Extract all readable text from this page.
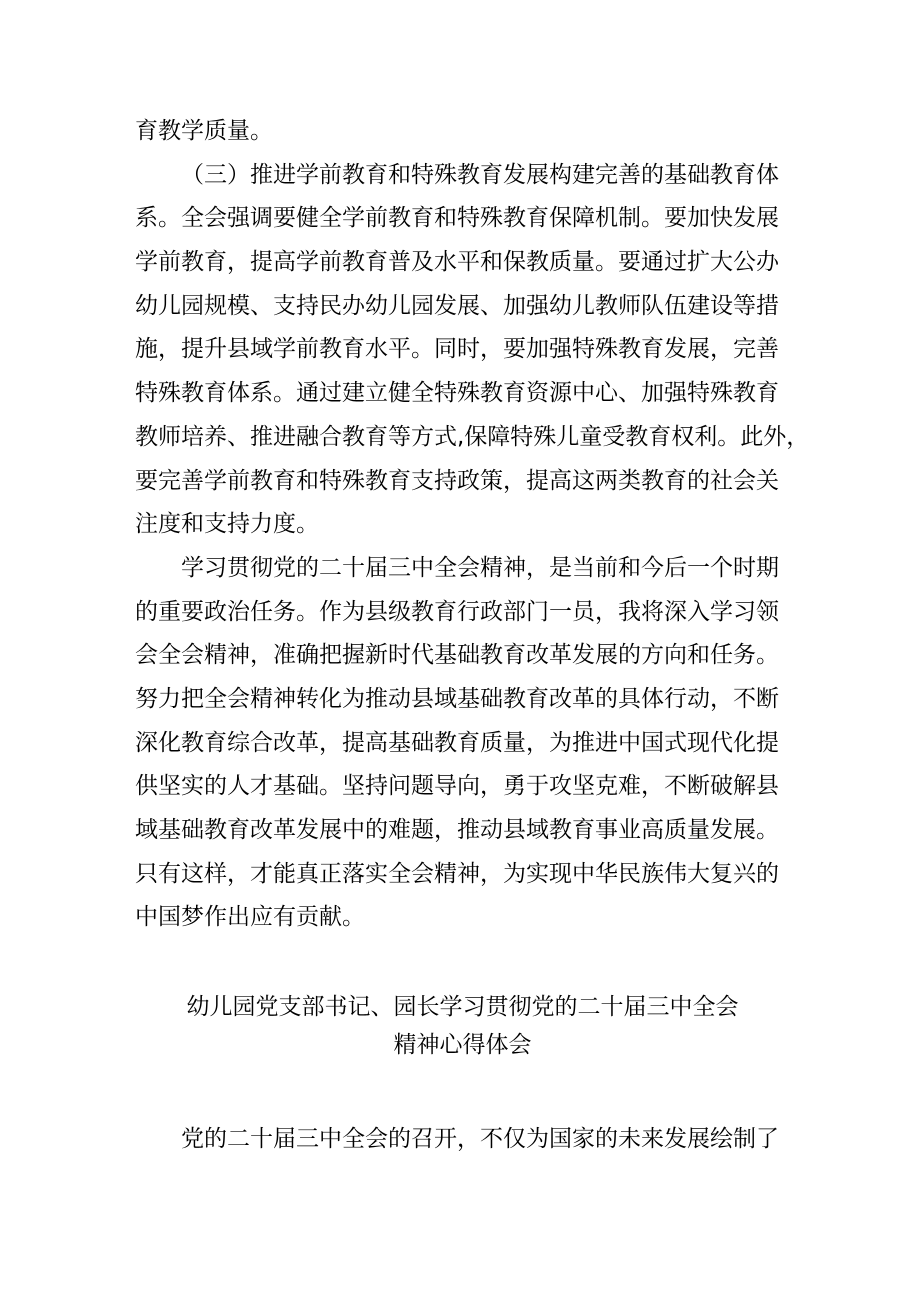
育教学质量。
（三）推进学前教育和特殊教育发展构建完善的基础教育体
系。全会强调要健全学前教育和特殊教育保障机制。要加快发展
学前教育，提高学前教育普及水平和保教质量。要通过扩大公办
幼儿园规模、支持民办幼儿园发展、加强幼儿教师队伍建设等措
施，提升县域学前教育水平。同时，要加强特殊教育发展，完善
特殊教育体系。通过建立健全特殊教育资源中心、加强特殊教育
教师培养、推进融合教育等方式,保障特殊儿童受教育权利。此外，
要完善学前教育和特殊教育支持政策，提高这两类教育的社会关
注度和支持力度。
学习贯彻党的二十届三中全会精神，是当前和今后一个时期
的重要政治任务。作为县级教育行政部门一员，我将深入学习领
会全会精神，准确把握新时代基础教育改革发展的方向和任务。
努力把全会精神转化为推动县域基础教育改革的具体行动，不断
深化教育综合改革，提高基础教育质量，为推进中国式现代化提
供坚实的人才基础。坚持问题导向，勇于攻坚克难，不断破解县
域基础教育改革发展中的难题，推动县域教育事业高质量发展。
只有这样，才能真正落实全会精神，为实现中华民族伟大复兴的
中国梦作出应有贡献。
幼儿园党支部书记、园长学习贯彻党的二十届三中全会
精神心得体会
党的二十届三中全会的召开，不仅为国家的未来发展绘制了
